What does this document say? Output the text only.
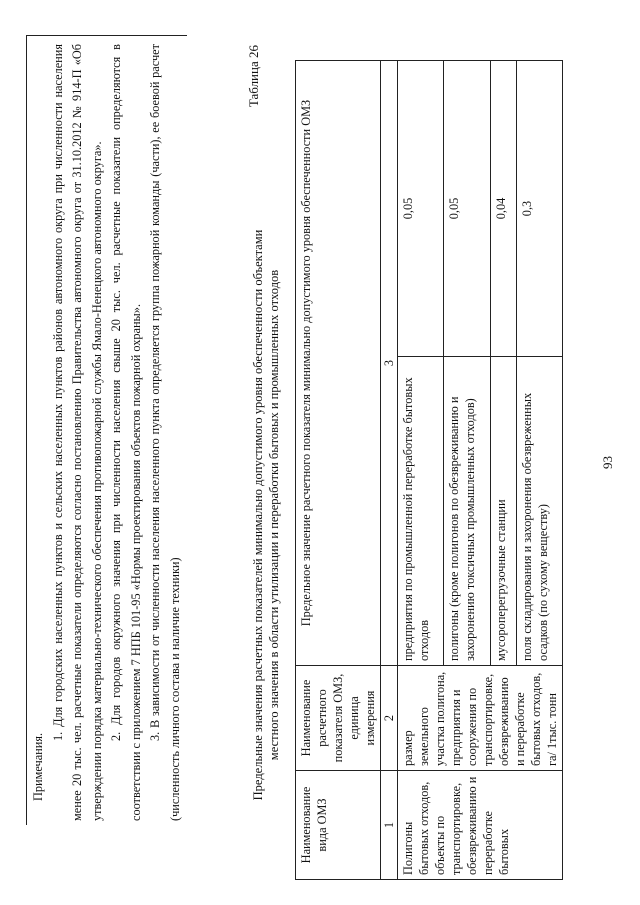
93

Примечания.

1. Для городских населенных пунктов и сельских населенных пунктов районов автономного округа при численности населения менее 20 тыс. чел. расчетные показатели определяются согласно постановлению Правительства автономного округа от 31.10.2012 № 914-П «Об утверждении порядка материально-технического обеспечения противопожарной службы Ямало-Ненецкого автономного округа». 2. Для городов окружного значения при численности населения свыше 20 тыс. чел. расчетные показатели определяются в соответствии с приложением 7 НПБ 101-95 «Нормы проектирования объектов пожарной охраны». 3. В зависимости от численности населения населенного пункта определяется группа пожарной команды (части), ее боевой расчет (численность личного состава и наличие техники)

Таблица 26
Предельные значения расчетных показателей минимально допустимого уровня обеспеченности объектами местного значения в области утилизации и переработки бытовых и промышленных отходов
Наименование вида ОМЗ	Наименование расчетного показателя ОМЗ, единица измерения	Предельное значение расчетного показателя минимально допустимого уровня обеспеченности ОМЗ	
1	2	3	
Полигоны бытовых отходов, объекты по транспортировке, обезвреживанию и переработке бытовых	размер земельного участка полигона, предприятия и сооружения по транспортировке, обезвреживанию и переработке бытовых отходов, га/ 1тыс. тонн	предприятия по промышленной переработке бытовых отходов	0,05
		полигоны (кроме полигонов по обезвреживанию и захоронению токсичных промышленных отходов)	0,05
		мусороперегрузочные станции	0,04
		поля складирования и захоронения обезвреженных осадков (по сухому веществу)	0,3
